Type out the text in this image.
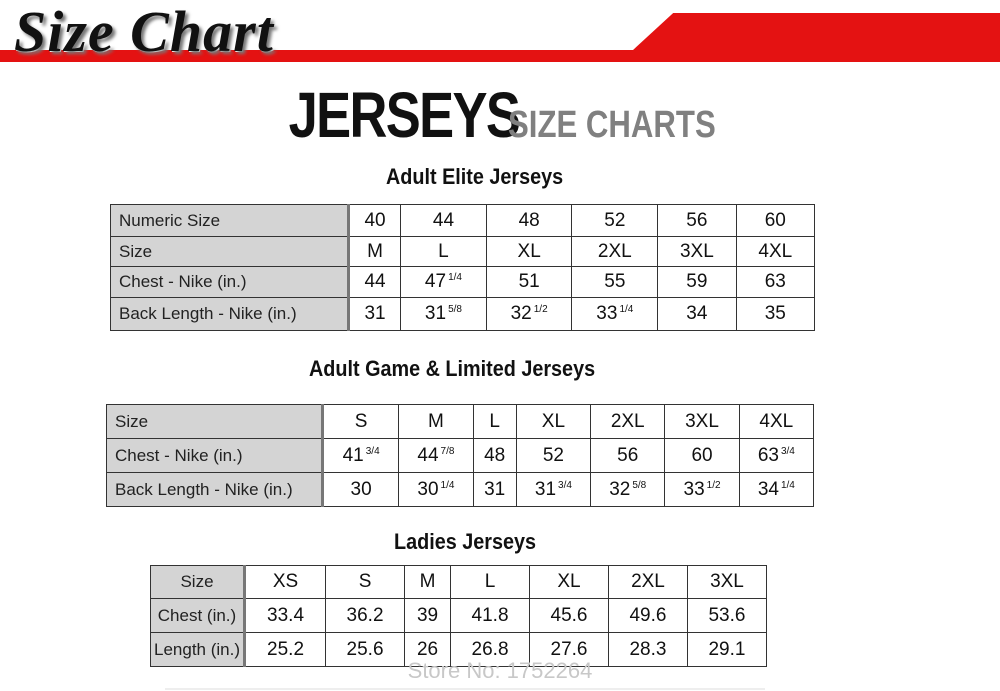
Size Chart
JERSEYS SIZE CHARTS
Adult Elite Jerseys
Numeric Size	40	44	48	52	56	60
Size	M	L	XL	2XL	3XL	4XL
Chest - Nike (in.)	44	47 $^{1/4}$	51	55	59	63
Back Length - Nike (in.)	31	31 $^{5/8}$	32 $^{1/2}$	33 $^{1/4}$	34	35
Adult Game & Limited Jerseys
Size	S	M	L	XL	2XL	3XL	4XL
Chest - Nike (in.)	41 $^{3/4}$	44 $^{7/8}$	48	52	56	60	63 $^{3/4}$
Back Length - Nike (in.)	30	30 $^{1/4}$	31	31 $^{3/4}$	32 $^{5/8}$	33 $^{1/2}$	34 $^{1/4}$
Ladies Jerseys
Size	XS	S	M	L	XL	2XL	3XL
Chest (in.)	33.4	36.2	39	41.8	45.6	49.6	53.6
Length (in.)	25.2	25.6	26	26.8	27.6	28.3	29.1
Store No: 1752264
